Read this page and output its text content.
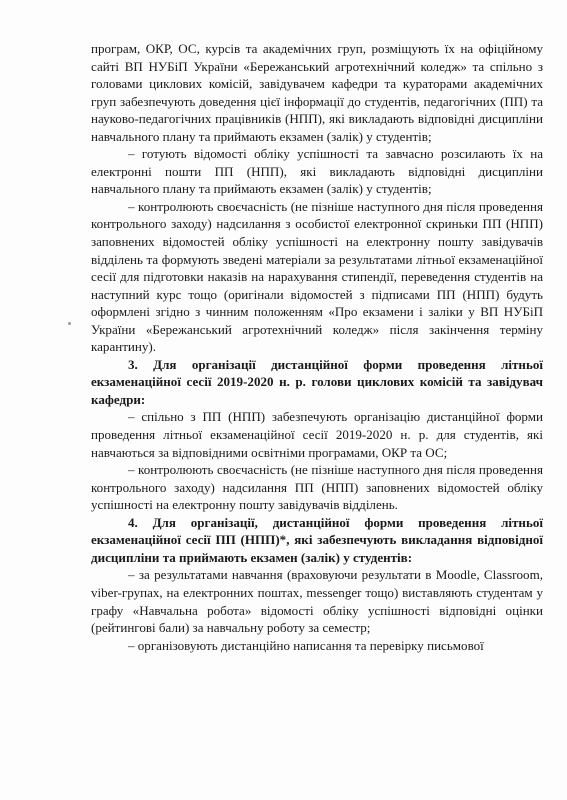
програм, ОКР, ОС, курсів та академічних груп, розміщують їх на офіційному сайті ВП НУБіП України «Бережанський агротехнічний коледж» та спільно з головами циклових комісій, завідувачем кафедри та кураторами академічних груп забезпечують доведення цієї інформації до студентів, педагогічних (ПП) та науково-педагогічних працівників (НПП), які викладають відповідні дисципліни навчального плану та приймають екзамен (залік) у студентів;

– готують відомості обліку успішності та завчасно розсилають їх на електронні пошти ПП (НПП), які викладають відповідні дисципліни навчального плану та приймають екзамен (залік) у студентів;

– контролюють своєчасність (не пізніше наступного дня після проведення контрольного заходу) надсилання з особистої електронної скриньки ПП (НПП) заповнених відомостей обліку успішності на електронну пошту завідувачів відділень та формують зведені матеріали за результатами літньої екзаменаційної сесії для підготовки наказів на нарахування стипендії, переведення студентів на наступний курс тощо (оригінали відомостей з підписами ПП (НПП) будуть оформлені згідно з чинним положенням «Про екзамени і заліки у ВП НУБіП України «Бережанський агротехнічний коледж» після закінчення терміну карантину).

3. Для організації дистанційної форми проведення літньої екзаменаційної сесії 2019-2020 н. р. голови циклових комісій та завідувач кафедри:

– спільно з ПП (НПП) забезпечують організацію дистанційної форми проведення літньої екзаменаційної сесії 2019-2020 н. р. для студентів, які навчаються за відповідними освітніми програмами, ОКР та ОС;

– контролюють своєчасність (не пізніше наступного дня після проведення контрольного заходу) надсилання ПП (НПП) заповнених відомостей обліку успішності на електронну пошту завідувачів відділень.

4. Для організації, дистанційної форми проведення літньої екзаменаційної сесії ПП (НПП)*, які забезпечують викладання відповідної дисципліни та приймають екзамен (залік) у студентів:

– за результатами навчання (враховуючи результати в Moodle, Classroom, viber-групах, на електронних поштах, messenger тощо) виставляють студентам у графу «Навчальна робота» відомості обліку успішності відповідні оцінки (рейтингові бали) за навчальну роботу за семестр;

– організовують дистанційно написання та перевірку письмової
